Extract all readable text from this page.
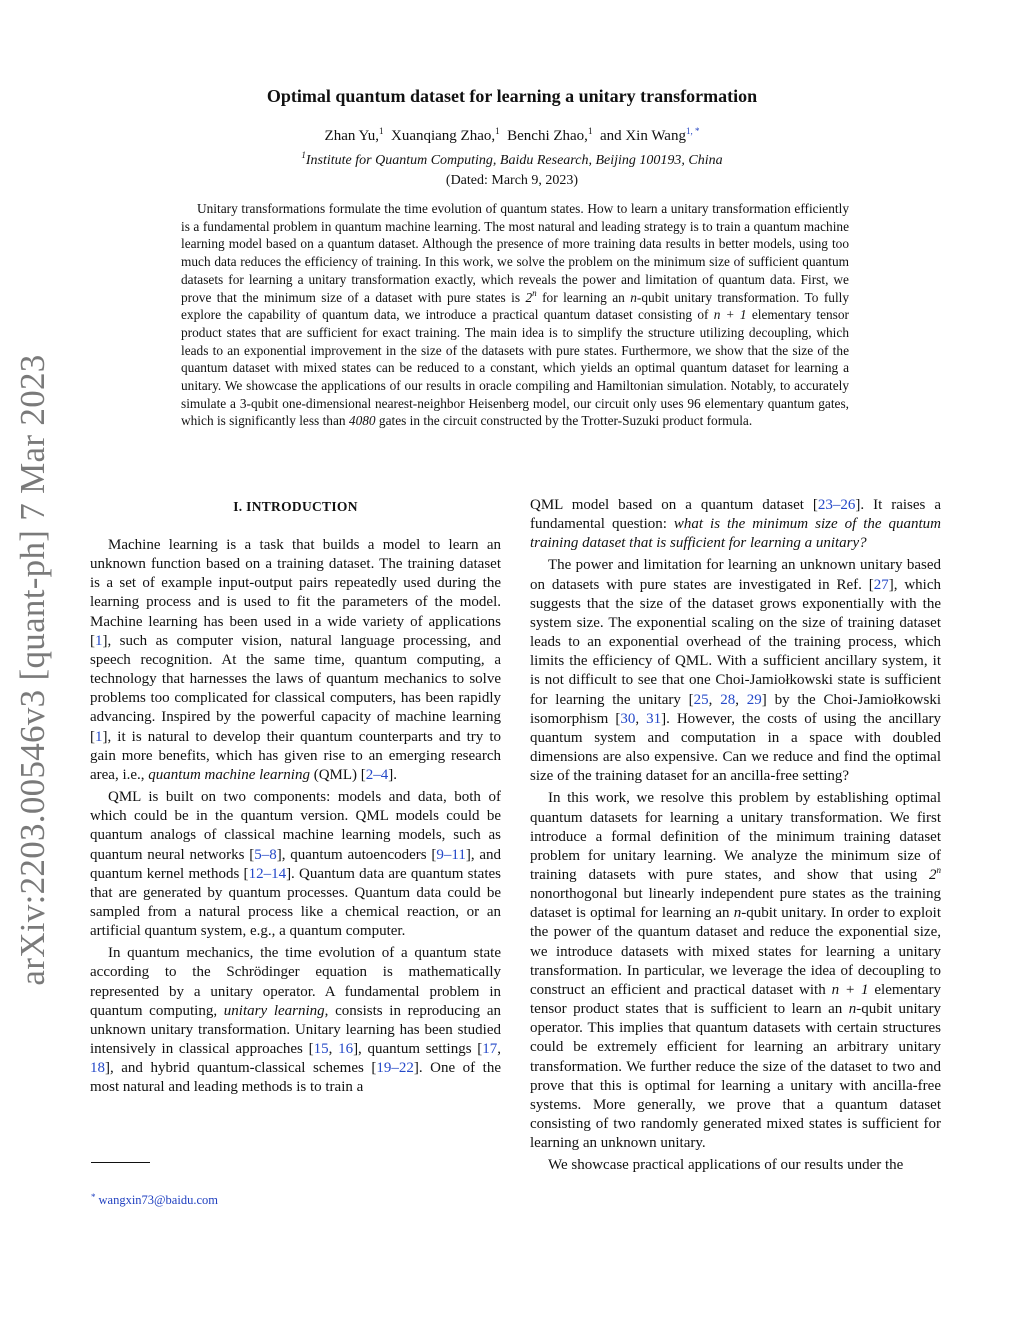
arXiv:2203.00546v3 [quant-ph] 7 Mar 2023
Optimal quantum dataset for learning a unitary transformation
Zhan Yu,$^1$ Xuanqiang Zhao,$^1$ Benchi Zhao,$^1$ and Xin Wang$^{1, *}$
$^1$Institute for Quantum Computing, Baidu Research, Beijing 100193, China
(Dated: March 9, 2023)

Unitary transformations formulate the time evolution of quantum states. How to learn a unitary transformation efficiently is a fundamental problem in quantum machine learning. The most natural and leading strategy is to train a quantum machine learning model based on a quantum dataset. Although the presence of more training data results in better models, using too much data reduces the efficiency of training. In this work, we solve the problem on the minimum size of sufficient quantum datasets for learning a unitary transformation exactly, which reveals the power and limitation of quantum data. First, we prove that the minimum size of a dataset with pure states is 2$^n$ for learning an n-qubit unitary transformation. To fully explore the capability of quantum data, we introduce a practical quantum dataset consisting of n + 1 elementary tensor product states that are sufficient for exact training. The main idea is to simplify the structure utilizing decoupling, which leads to an exponential improvement in the size of the datasets with pure states. Furthermore, we show that the size of the quantum dataset with mixed states can be reduced to a constant, which yields an optimal quantum dataset for learning a unitary. We showcase the applications of our results in oracle compiling and Hamiltonian simulation. Notably, to accurately simulate a 3-qubit one-dimensional nearest-neighbor Heisenberg model, our circuit only uses 96 elementary quantum gates, which is significantly less than 4080 gates in the circuit constructed by the Trotter-Suzuki product formula.

I. INTRODUCTION

Machine learning is a task that builds a model to learn an unknown function based on a training dataset. The training dataset is a set of example input-output pairs repeatedly used during the learning process and is used to fit the parameters of the model. Machine learning has been used in a wide variety of applications [1], such as computer vision, natural language processing, and speech recognition. At the same time, quantum computing, a technology that harnesses the laws of quantum mechanics to solve problems too complicated for classical computers, has been rapidly advancing. Inspired by the powerful capacity of machine learning [1], it is natural to develop their quantum counterparts and try to gain more benefits, which has given rise to an emerging research area, i.e., quantum machine learning (QML) [2–4].

QML is built on two components: models and data, both of which could be in the quantum version. QML models could be quantum analogs of classical machine learning models, such as quantum neural networks [5–8], quantum autoencoders [9–11], and quantum kernel methods [12–14]. Quantum data are quantum states that are generated by quantum processes. Quantum data could be sampled from a natural process like a chemical reaction, or an artificial quantum system, e.g., a quantum computer.

In quantum mechanics, the time evolution of a quantum state according to the Schrödinger equation is mathematically represented by a unitary operator. A fundamental problem in quantum computing, unitary learning, consists in reproducing an unknown unitary transformation. Unitary learning has been studied intensively in classical approaches [15, 16], quantum settings [17, 18], and hybrid quantum-classical schemes [19–22]. One of the most natural and leading methods is to train a

QML model based on a quantum dataset [23–26]. It raises a fundamental question: what is the minimum size of the quantum training dataset that is sufficient for learning a unitary?

The power and limitation for learning an unknown unitary based on datasets with pure states are investigated in Ref. [27], which suggests that the size of the dataset grows exponentially with the system size. The exponential scaling on the size of training dataset leads to an exponential overhead of the training process, which limits the efficiency of QML. With a sufficient ancillary system, it is not difficult to see that one Choi-Jamiołkowski state is sufficient for learning the unitary [25, 28, 29] by the Choi-Jamiołkowski isomorphism [30, 31]. However, the costs of using the ancillary quantum system and computation in a space with doubled dimensions are also expensive. Can we reduce and find the optimal size of the training dataset for an ancilla-free setting?

In this work, we resolve this problem by establishing optimal quantum datasets for learning a unitary transformation. We first introduce a formal definition of the minimum training dataset problem for unitary learning. We analyze the minimum size of training datasets with pure states, and show that using 2$^n$ nonorthogonal but linearly independent pure states as the training dataset is optimal for learning an n-qubit unitary. In order to exploit the power of the quantum dataset and reduce the exponential size, we introduce datasets with mixed states for learning a unitary transformation. In particular, we leverage the idea of decoupling to construct an efficient and practical dataset with n + 1 elementary tensor product states that is sufficient to learn an n-qubit unitary operator. This implies that quantum datasets with certain structures could be extremely efficient for learning an arbitrary unitary transformation. We further reduce the size of the dataset to two and prove that this is optimal for learning a unitary with ancilla-free systems. More generally, we prove that a quantum dataset consisting of two randomly generated mixed states is sufficient for learning an unknown unitary.

We showcase practical applications of our results under the

* wangxin73@baidu.com
